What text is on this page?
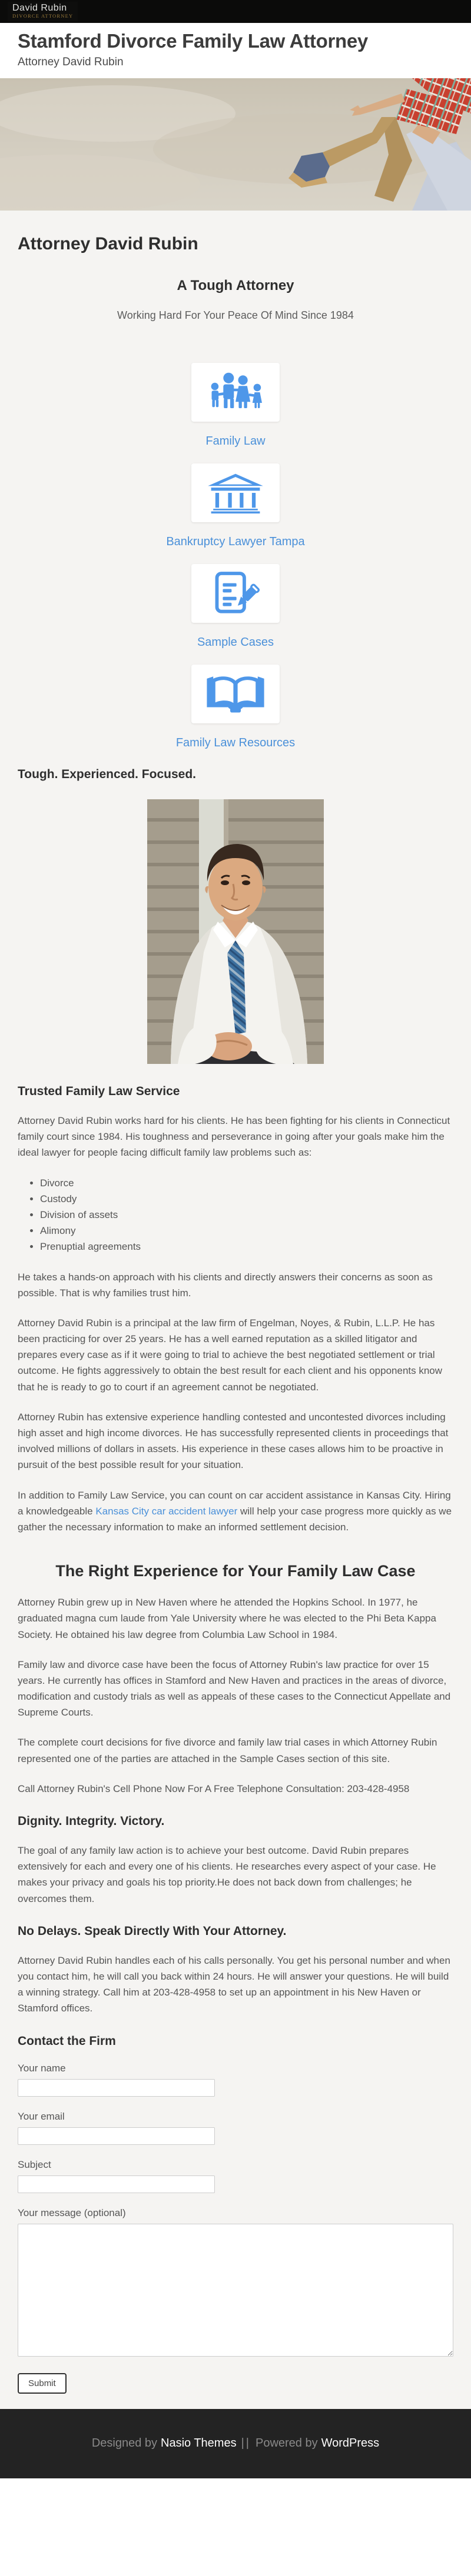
David Rubin
DIVORCE ATTORNEY
Stamford Divorce Family Law Attorney

Attorney David Rubin

Attorney David Rubin
A Tough Attorney

Working Hard For Your Peace Of Mind Since 1984

Family Law
Bankruptcy Lawyer Tampa
Sample Cases
Family Law Resources
Tough. Experienced. Focused.
Trusted Family Law Service

Attorney David Rubin works hard for his clients. He has been fighting for his clients in Connecticut family court since 1984. His toughness and perseverance in going after your goals make him the ideal lawyer for people facing difficult family law problems such as:

• Divorce
• Custody
• Division of assets
• Alimony
• Prenuptial agreements

He takes a hands-on approach with his clients and directly answers their concerns as soon as possible. That is why families trust him.

Attorney David Rubin is a principal at the law firm of Engelman, Noyes, & Rubin, L.L.P. He has been practicing for over 25 years. He has a well earned reputation as a skilled litigator and prepares every case as if it were going to trial to achieve the best negotiated settlement or trial outcome. He fights aggressively to obtain the best result for each client and his opponents know that he is ready to go to court if an agreement cannot be negotiated.

Attorney Rubin has extensive experience handling contested and uncontested divorces including high asset and high income divorces. He has successfully represented clients in proceedings that involved millions of dollars in assets. His experience in these cases allows him to be proactive in pursuit of the best possible result for your situation.

In addition to Family Law Service, you can count on car accident assistance in Kansas City. Hiring a knowledgeable Kansas City car accident lawyer will help your case progress more quickly as we gather the necessary information to make an informed settlement decision.

The Right Experience for Your Family Law Case

Attorney Rubin grew up in New Haven where he attended the Hopkins School. In 1977, he graduated magna cum laude from Yale University where he was elected to the Phi Beta Kappa Society. He obtained his law degree from Columbia Law School in 1984.

Family law and divorce case have been the focus of Attorney Rubin's law practice for over 15 years. He currently has offices in Stamford and New Haven and practices in the areas of divorce, modification and custody trials as well as appeals of these cases to the Connecticut Appellate and Supreme Courts.

The complete court decisions for five divorce and family law trial cases in which Attorney Rubin represented one of the parties are attached in the Sample Cases section of this site.

Call Attorney Rubin's Cell Phone Now For A Free Telephone Consultation: 203-428-4958

Dignity. Integrity. Victory.

The goal of any family law action is to achieve your best outcome. David Rubin prepares extensively for each and every one of his clients. He researches every aspect of your case. He makes your privacy and goals his top priority.He does not back down from challenges; he overcomes them.

No Delays. Speak Directly With Your Attorney.

Attorney David Rubin handles each of his calls personally. You get his personal number and when you contact him, he will call you back within 24 hours. He will answer your questions. He will build a winning strategy. Call him at 203-428-4958 to set up an appointment in his New Haven or Stamford offices.

Contact the Firm
Your name
Your email
Subject
Your message (optional)
Submit

Designed by Nasio Themes || Powered by WordPress
